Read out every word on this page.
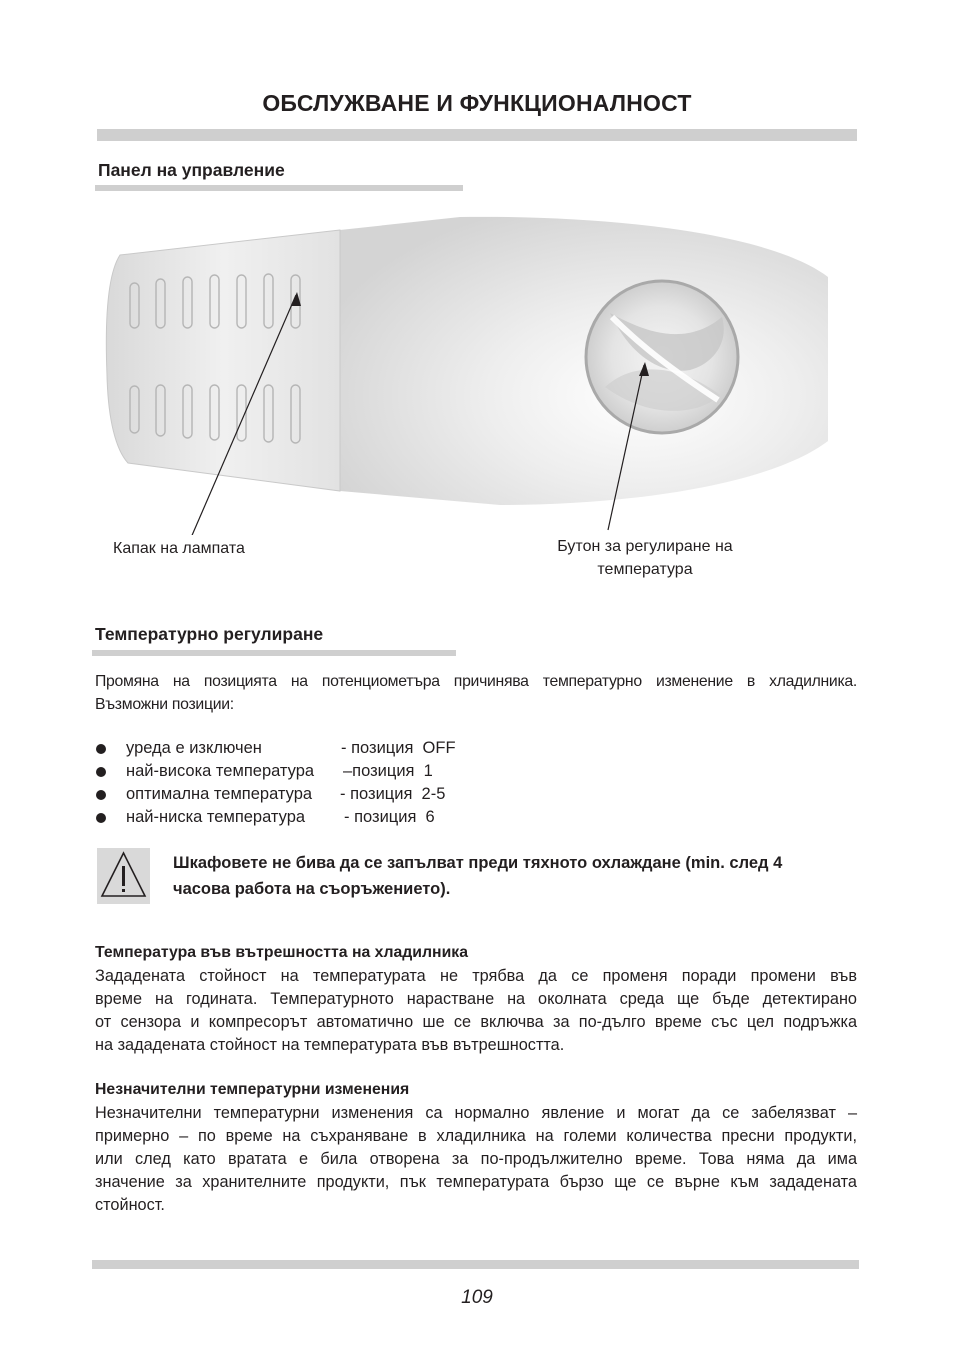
ОБСЛУЖВАНЕ И ФУНКЦИОНАЛНОСТ
Панел на управление
Капак на лампата	Бутон за регулиране на
температура
Температурно регулиране
Промяна на позицията на потенциометъра причинява температурно изменение в хладилника.
Възможни позиции:
уреда е изключен	- позиция  OFF
най-висока температура –позиция  1
оптимална температура - позиция  2-5
най-ниска температура - позиция  6
Шкафовете не бива да се запълват преди тяхното охлаждане (min. след 4
часова работа на съоръжението).
Температура във вътрешността на хладилника
Зададената стойност на температурата не трябва да се променя поради промени във
време на годината. Температурното нарастване на околната среда ще бъде детектирано
от сензора и компресорът автоматично ше се включва за по-дълго време със цел подръжка
на зададената стойност на температурата във вътрешността.
Незначителни температурни изменения
Незначителни температурни изменения са нормално явление и могат да се забелязват –
примерно – по време на съхраняване в хладилника на големи количества пресни продукти,
или след като вратата е била отворена за по-продължително време. Това няма да има
значение за хранителните продукти, пък температурата бързо ще се върне към зададената
стойност.
109
